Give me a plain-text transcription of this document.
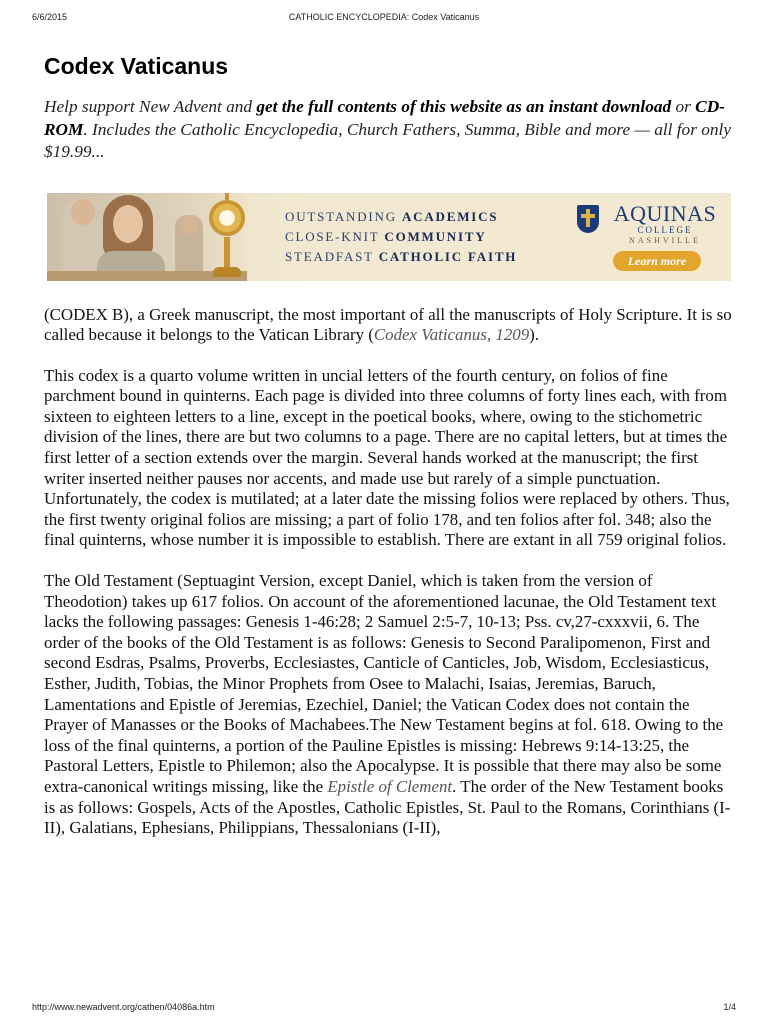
6/6/2015	CATHOLIC ENCYCLOPEDIA: Codex Vaticanus
Codex Vaticanus
Help support New Advent and get the full contents of this website as an instant download or CD-ROM. Includes the Catholic Encyclopedia, Church Fathers, Summa, Bible and more — all for only $19.99...
OUTSTANDING ACADEMICS
CLOSE-KNIT COMMUNITY
STEADFAST CATHOLIC FAITH
AQUINAS
COLLEGE
NASHVILLE
Learn more

(CODEX B), a Greek manuscript, the most important of all the manuscripts of Holy Scripture. It is so called because it belongs to the Vatican Library (Codex Vaticanus, 1209).

This codex is a quarto volume written in uncial letters of the fourth century, on folios of fine parchment bound in quinterns. Each page is divided into three columns of forty lines each, with from sixteen to eighteen letters to a line, except in the poetical books, where, owing to the stichometric division of the lines, there are but two columns to a page. There are no capital letters, but at times the first letter of a section extends over the margin. Several hands worked at the manuscript; the first writer inserted neither pauses nor accents, and made use but rarely of a simple punctuation. Unfortunately, the codex is mutilated; at a later date the missing folios were replaced by others. Thus, the first twenty original folios are missing; a part of folio 178, and ten folios after fol. 348; also the final quinterns, whose number it is impossible to establish. There are extant in all 759 original folios.

The Old Testament (Septuagint Version, except Daniel, which is taken from the version of Theodotion) takes up 617 folios. On account of the aforementioned lacunae, the Old Testament text lacks the following passages: Genesis 1-46:28; 2 Samuel 2:5-7, 10-13; Pss. cv,27-cxxxvii, 6. The order of the books of the Old Testament is as follows: Genesis to Second Paralipomenon, First and second Esdras, Psalms, Proverbs, Ecclesiastes, Canticle of Canticles, Job, Wisdom, Ecclesiasticus, Esther, Judith, Tobias, the Minor Prophets from Osee to Malachi, Isaias, Jeremias, Baruch, Lamentations and Epistle of Jeremias, Ezechiel, Daniel; the Vatican Codex does not contain the Prayer of Manasses or the Books of Machabees.The New Testament begins at fol. 618. Owing to the loss of the final quinterns, a portion of the Pauline Epistles is missing: Hebrews 9:14-13:25, the Pastoral Letters, Epistle to Philemon; also the Apocalypse. It is possible that there may also be some extra-canonical writings missing, like the Epistle of Clement. The order of the New Testament books is as follows: Gospels, Acts of the Apostles, Catholic Epistles, St. Paul to the Romans, Corinthians (I-II), Galatians, Ephesians, Philippians, Thessalonians (I-II),

http://www.newadvent.org/cathen/04086a.htm	1/4
